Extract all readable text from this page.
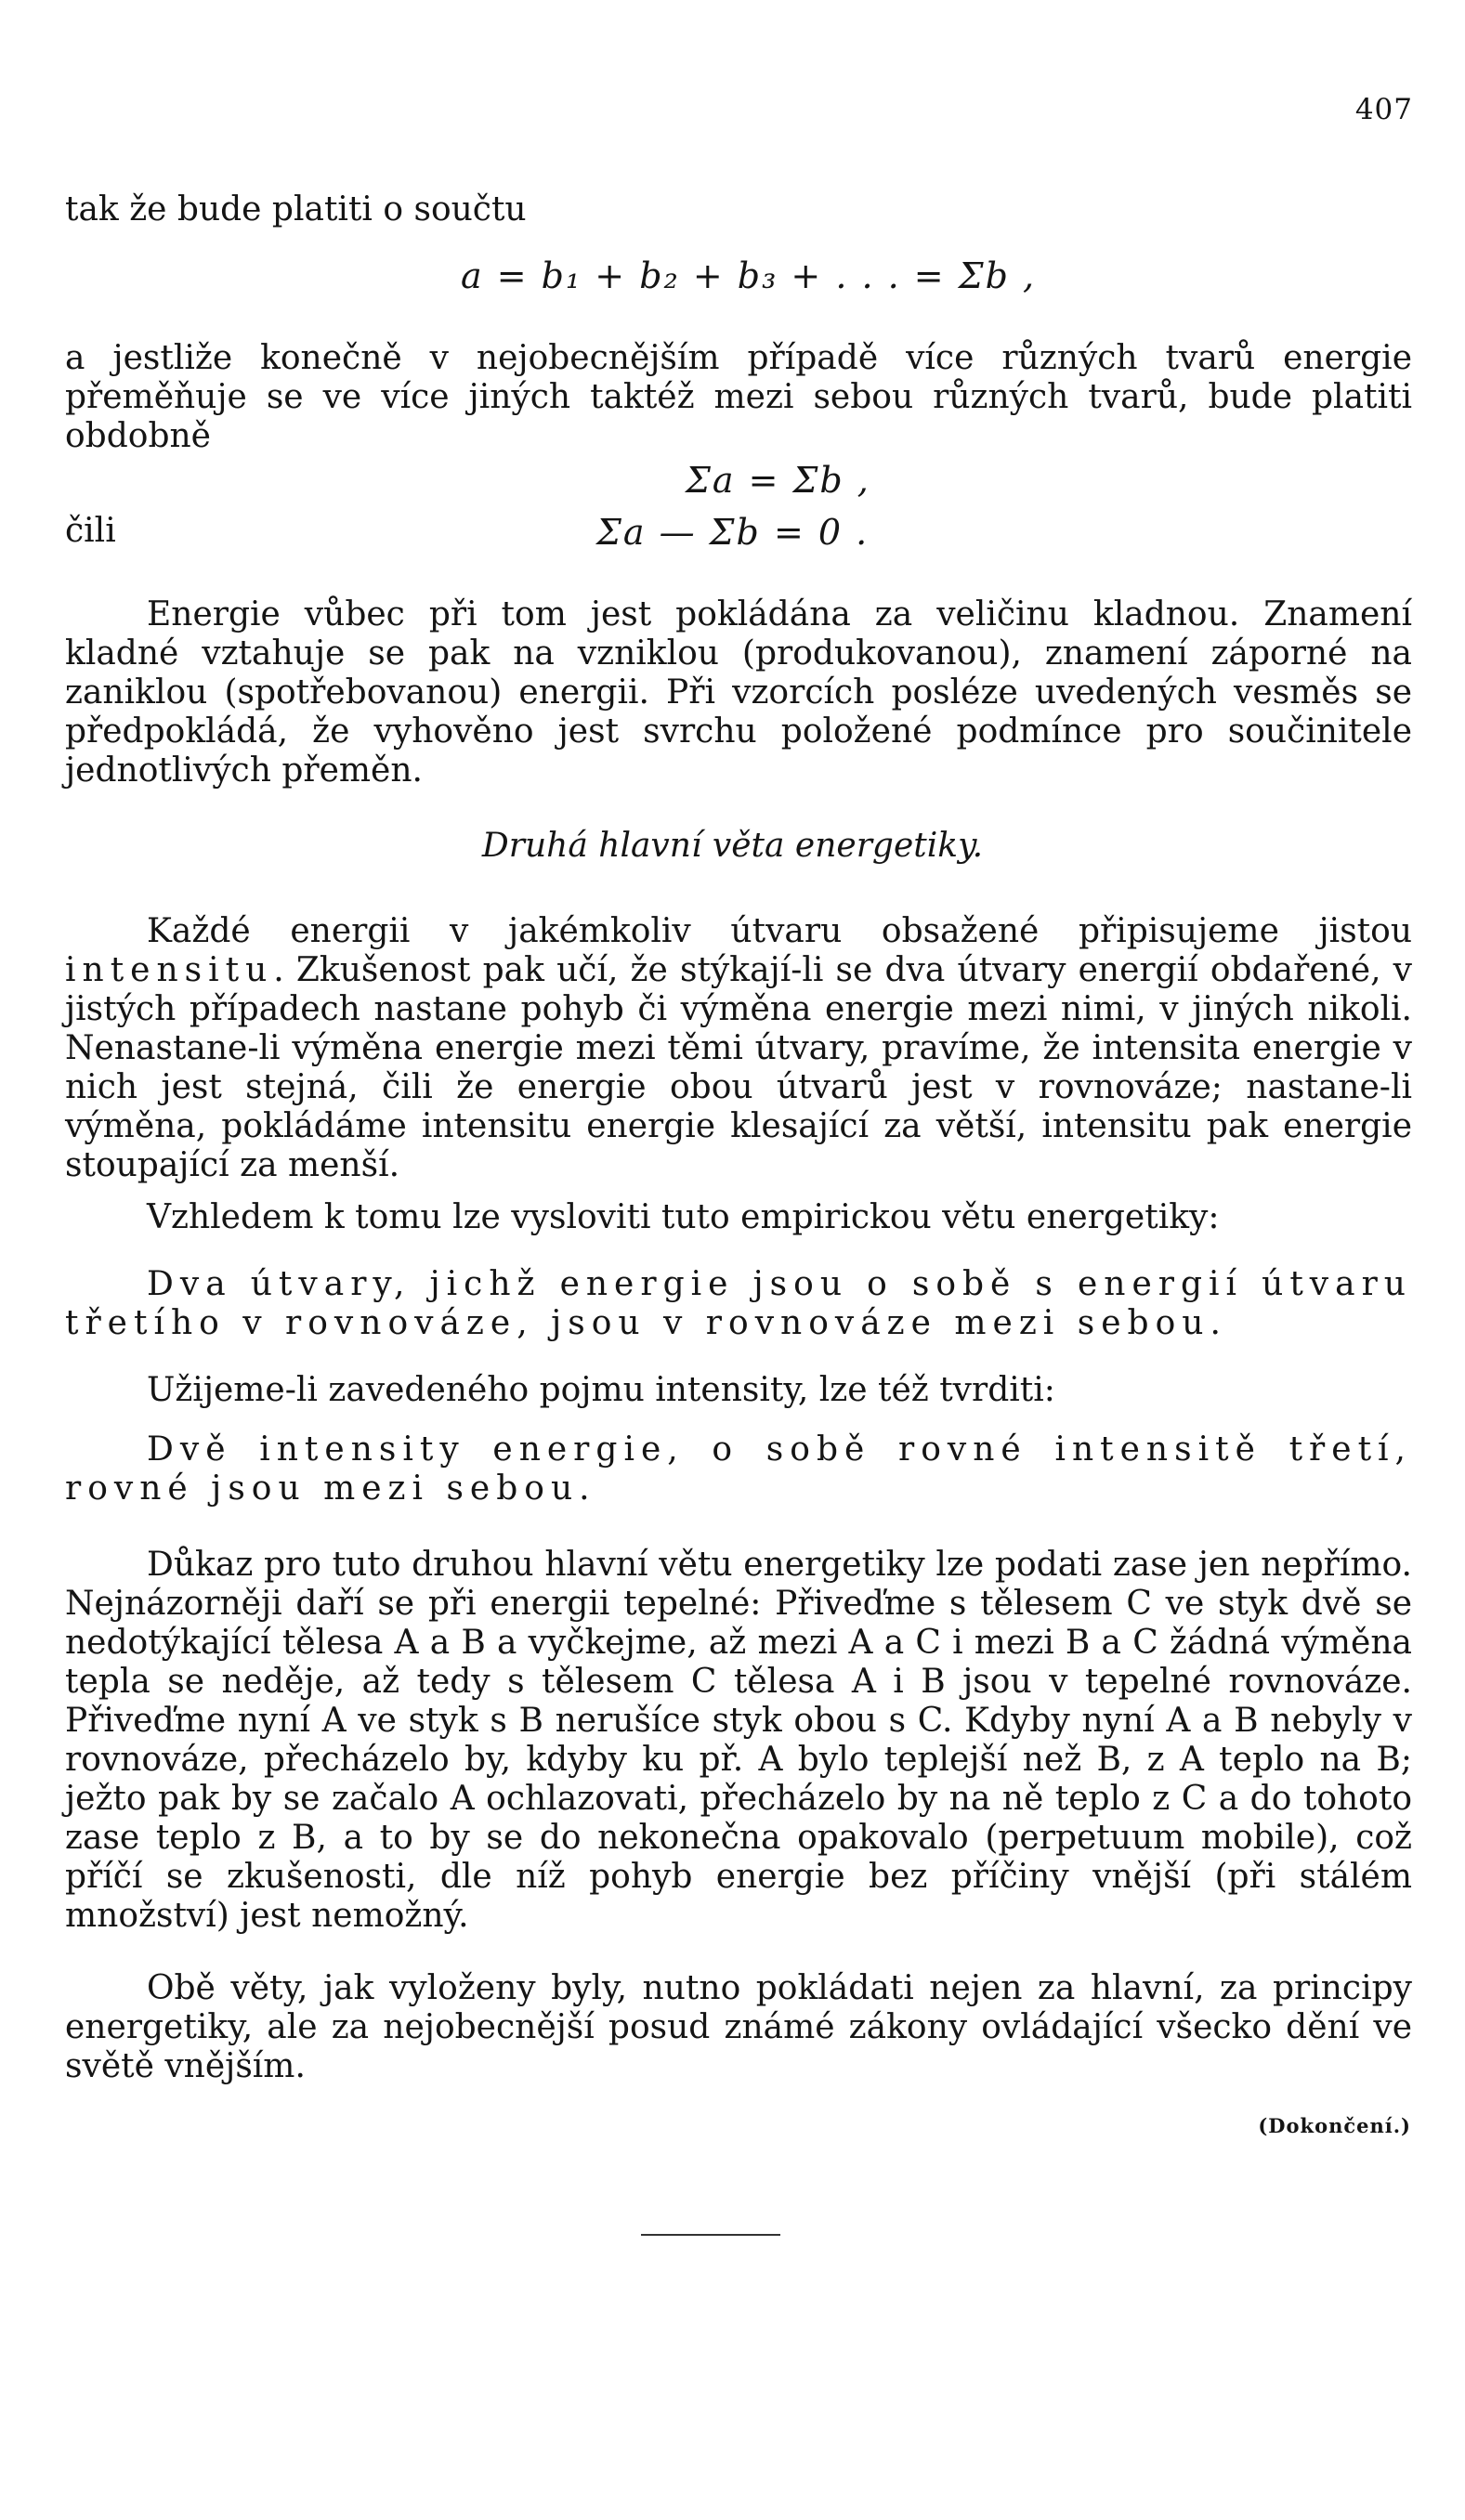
407
tak že bude platiti o součtu
a = b₁ + b₂ + b₃ + . . . = Σb ,
a jestliže konečně v nejobecnějším případě více různých tvarů energie přeměňuje se ve více jiných taktéž mezi sebou různých tvarů, bude platiti obdobně
Σa = Σb ,
čili	Σa — Σb = 0 .
Energie vůbec při tom jest pokládána za veličinu kladnou. Znamení kladné vztahuje se pak na vzniklou (produkovanou), znamení záporné na zaniklou (spotřebovanou) energii. Při vzorcích posléze uvedených vesměs se předpokládá, že vyhověno jest svrchu položené podmínce pro součinitele jednotlivých přeměn.
Druhá hlavní věta energetiky.
Každé energii v jakémkoliv útvaru obsažené připisujeme jistou intensitu. Zkušenost pak učí, že stýkají-li se dva útvary energií obdařené, v jistých případech nastane pohyb či výměna energie mezi nimi, v jiných nikoli. Nenastane-li výměna energie mezi těmi útvary, pravíme, že intensita energie v nich jest stejná, čili že energie obou útvarů jest v rovnováze; nastane-li výměna, pokládáme intensitu energie klesající za větší, intensitu pak energie stoupající za menší.
Vzhledem k tomu lze vysloviti tuto empirickou větu energetiky:
Dva útvary, jichž energie jsou o sobě s energií útvaru třetího v rovnováze, jsou v rovnováze mezi sebou.
Užijeme-li zavedeného pojmu intensity, lze též tvrditi:
Dvě intensity energie, o sobě rovné intensitě třetí, rovné jsou mezi sebou.
Důkaz pro tuto druhou hlavní větu energetiky lze podati zase jen nepřímo. Nejnázorněji daří se při energii tepelné: Přiveďme s tělesem C ve styk dvě se nedotýkající tělesa A a B a vyčkejme, až mezi A a C i mezi B a C žádná výměna tepla se neděje, až tedy s tělesem C tělesa A i B jsou v tepelné rovnováze. Přiveďme nyní A ve styk s B nerušíce styk obou s C. Kdyby nyní A a B nebyly v rovnováze, přecházelo by, kdyby ku př. A bylo teplejší než B, z A teplo na B; ježto pak by se začalo A ochlazovati, přecházelo by na ně teplo z C a do tohoto zase teplo z B, a to by se do nekonečna opakovalo (perpetuum mobile), což příčí se zkušenosti, dle níž pohyb energie bez příčiny vnější (při stálém množství) jest nemožný.
Obě věty, jak vyloženy byly, nutno pokládati nejen za hlavní, za principy energetiky, ale za nejobecnější posud známé zákony ovládající všecko dění ve světě vnějším.
(Dokončení.)
